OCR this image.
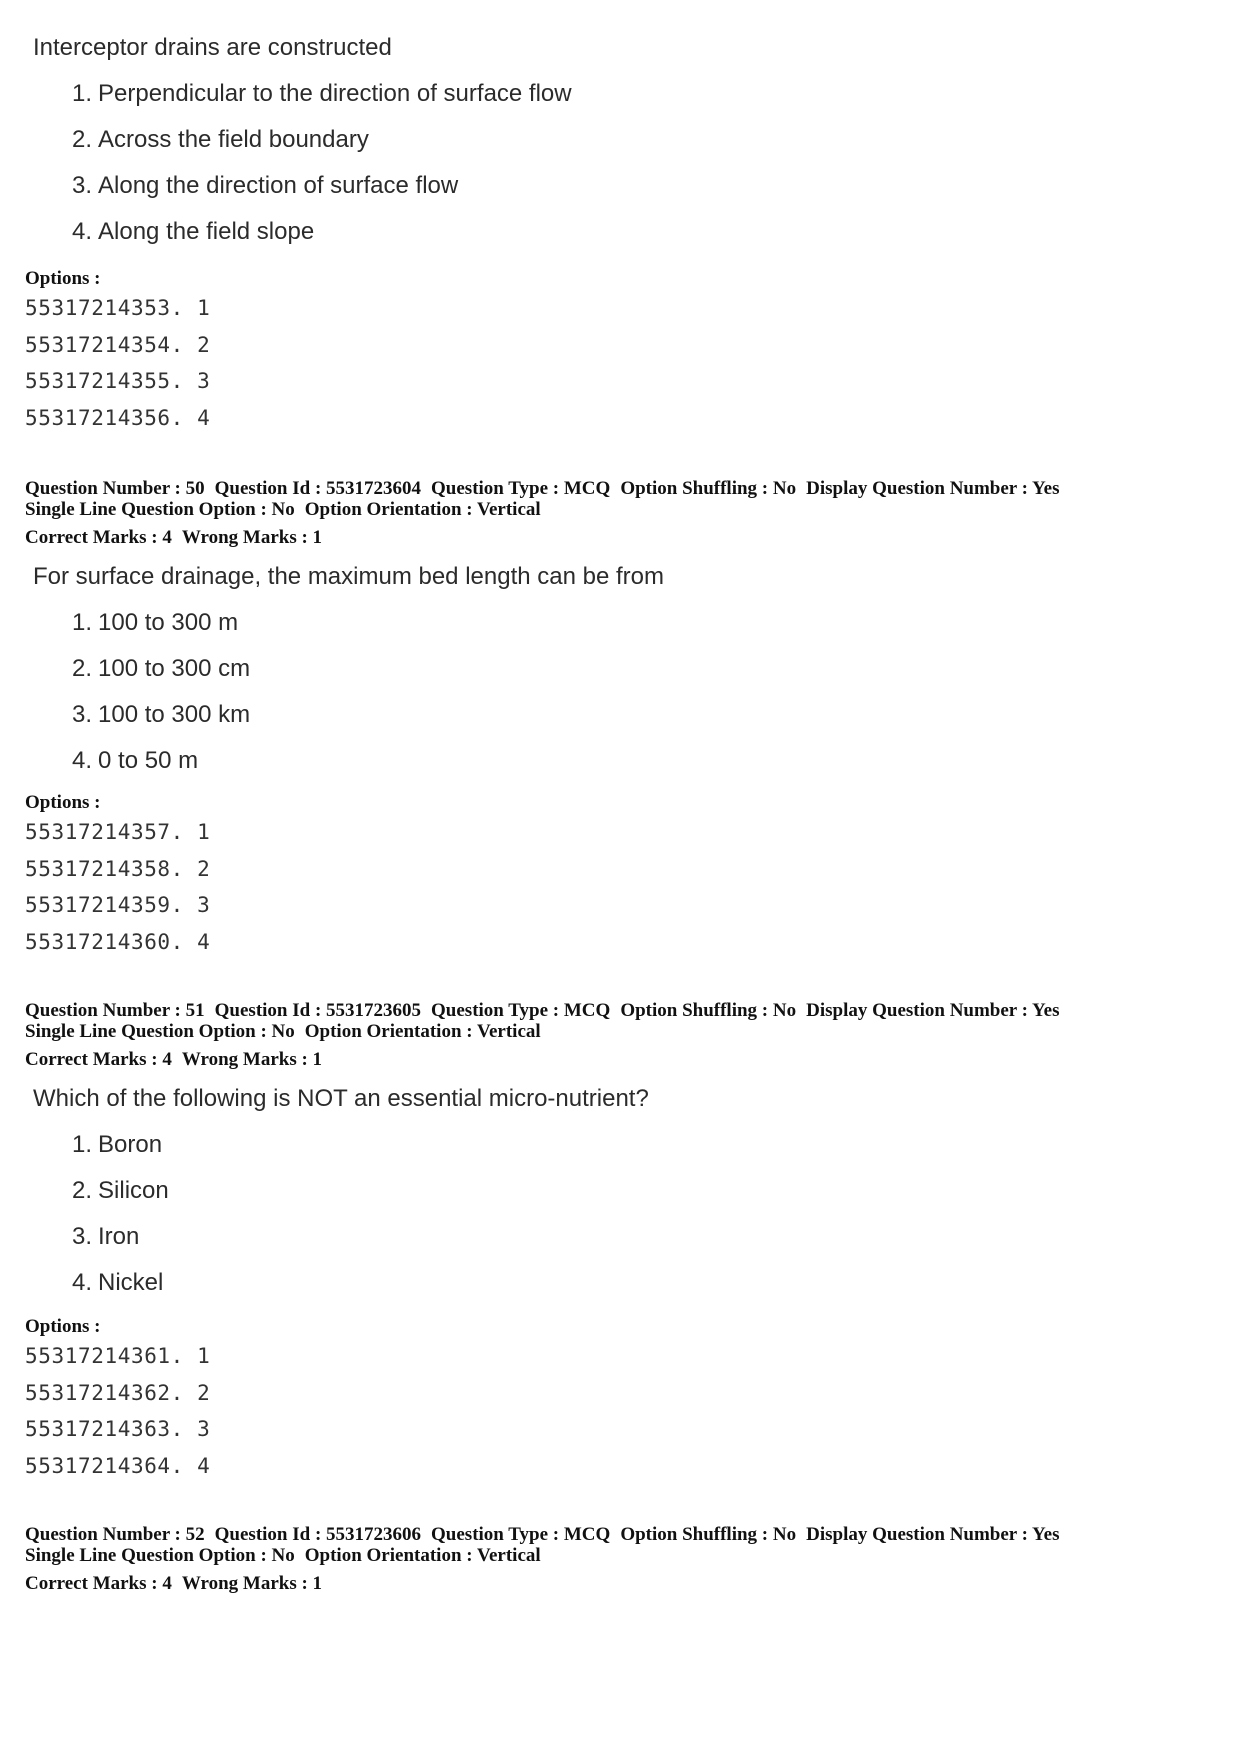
Interceptor drains are constructed
1. Perpendicular to the direction of surface flow
2. Across the field boundary
3. Along the direction of surface flow
4. Along the field slope
Options :
55317214353. 1
55317214354. 2
55317214355. 3
55317214356. 4
Question Number : 50 Question Id : 5531723604 Question Type : MCQ Option Shuffling : No Display Question Number : Yes
Single Line Question Option : No Option Orientation : Vertical
Correct Marks : 4 Wrong Marks : 1
For surface drainage, the maximum bed length can be from
1. 100 to 300 m
2. 100 to 300 cm
3. 100 to 300 km
4. 0 to 50 m
Options :
55317214357. 1
55317214358. 2
55317214359. 3
55317214360. 4
Question Number : 51 Question Id : 5531723605 Question Type : MCQ Option Shuffling : No Display Question Number : Yes
Single Line Question Option : No Option Orientation : Vertical
Correct Marks : 4 Wrong Marks : 1
Which of the following is NOT an essential micro-nutrient?
1. Boron
2. Silicon
3. Iron
4. Nickel
Options :
55317214361. 1
55317214362. 2
55317214363. 3
55317214364. 4
Question Number : 52 Question Id : 5531723606 Question Type : MCQ Option Shuffling : No Display Question Number : Yes
Single Line Question Option : No Option Orientation : Vertical
Correct Marks : 4 Wrong Marks : 1
